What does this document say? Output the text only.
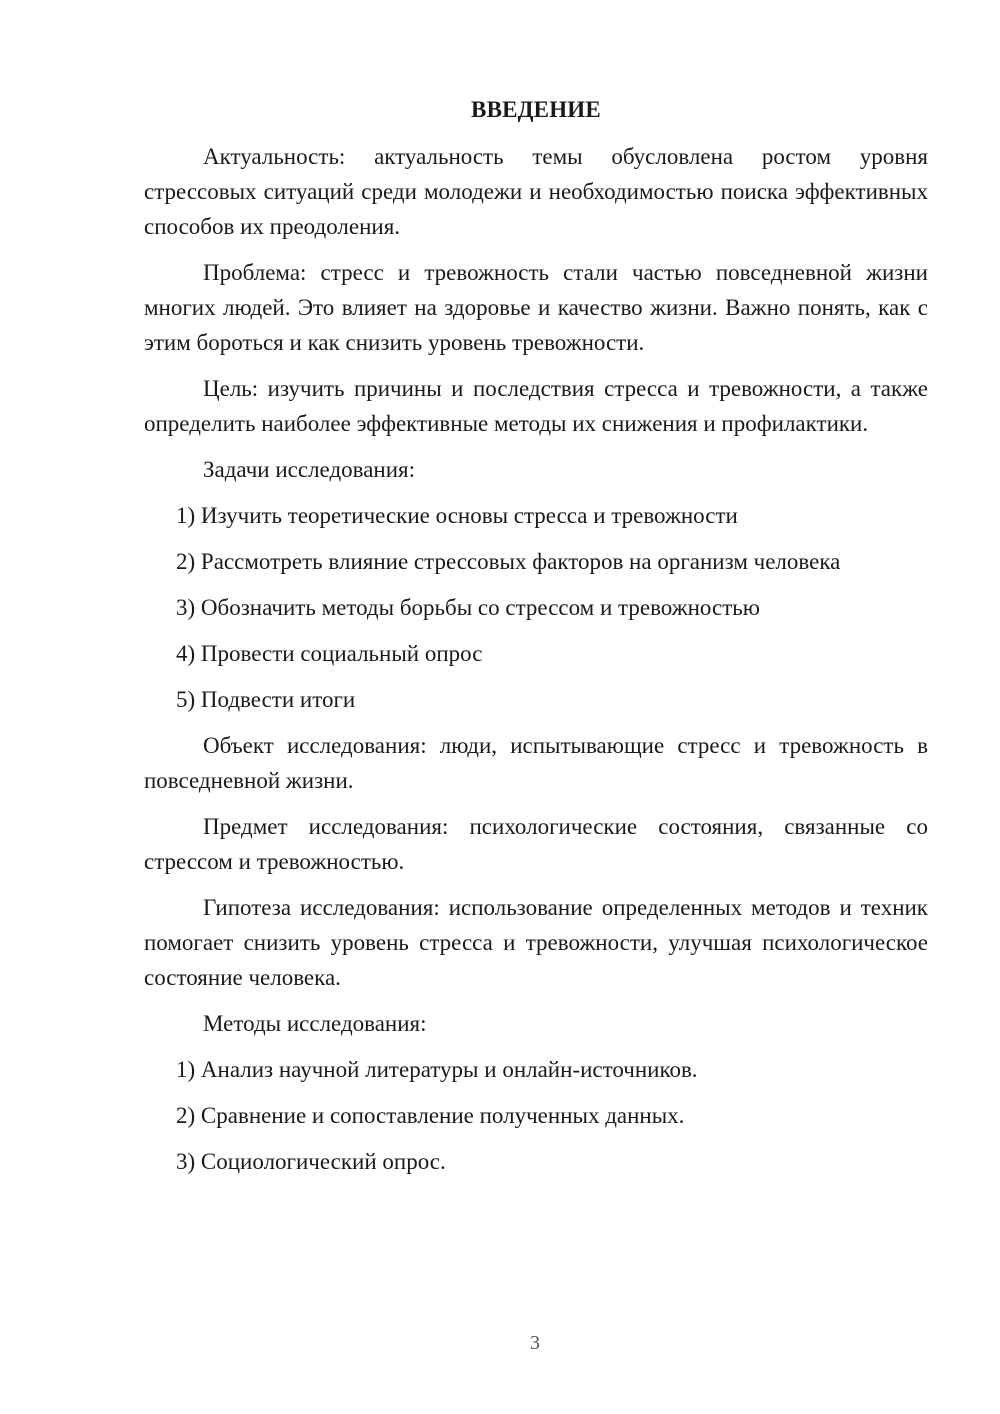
ВВЕДЕНИЕ

Актуальность: актуальность темы обусловлена ростом уровня стрессовых ситуаций среди молодежи и необходимостью поиска эффективных способов их преодоления.

Проблема: стресс и тревожность стали частью повседневной жизни многих людей. Это влияет на здоровье и качество жизни. Важно понять, как с этим бороться и как снизить уровень тревожности.

Цель: изучить причины и последствия стресса и тревожности, а также определить наиболее эффективные методы их снижения и профилактики.

Задачи исследования:
1) Изучить теоретические основы стресса и тревожности
2) Рассмотреть влияние стрессовых факторов на организм человека
3) Обозначить методы борьбы со стрессом и тревожностью
4) Провести социальный опрос
5) Подвести итоги

Объект исследования: люди, испытывающие стресс и тревожность в повседневной жизни.

Предмет исследования: психологические состояния, связанные со стрессом и тревожностью.

Гипотеза исследования: использование определенных методов и техник помогает снизить уровень стресса и тревожности, улучшая психологическое состояние человека.

Методы исследования:
1) Анализ научной литературы и онлайн-источников.
2) Сравнение и сопоставление полученных данных.
3) Социологический опрос.
3
